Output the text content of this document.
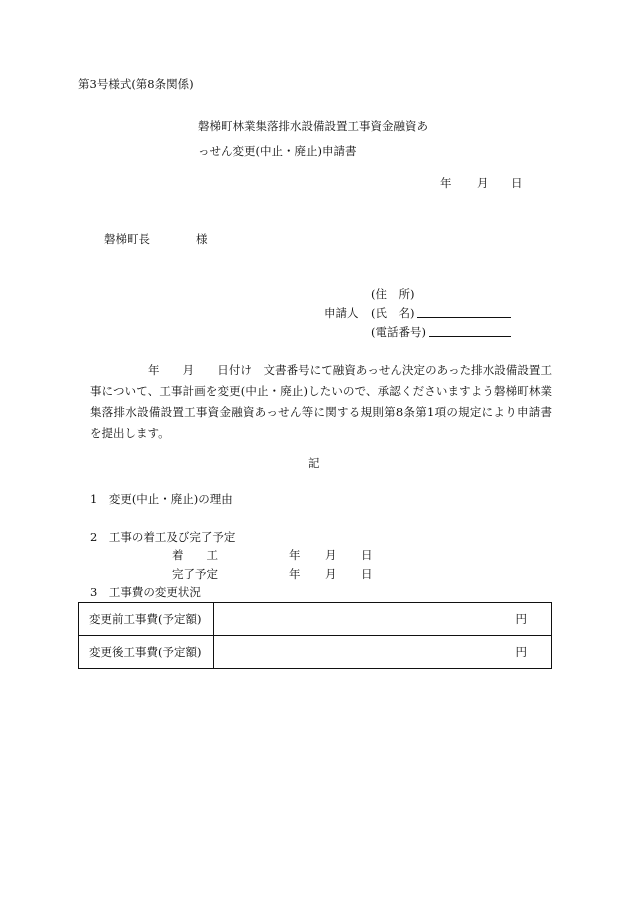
第3号様式(第8条関係)
磐梯町林業集落排水設備設置工事資金融資あ
っせん変更(中止・廃止)申請書
年 月 日
磐梯町長	様
(住　所)
申請人 (氏　名)
(電話番号)
年　　月　　日付け　文書番号にて融資あっせん決定のあった排水設備設置工事について、工事計画を変更(中止・廃止)したいので、承認くださいますよう磐梯町林業集落排水設備設置工事資金融資あっせん等に関する規則第8条第1項の規定により申請書を提出します。
記
1　変更(中止・廃止)の理由
2　工事の着工及び完了予定
着　　工	年 月 日
完了予定	年 月 日
3　工事費の変更状況
変更前工事費(予定額)	円
変更後工事費(予定額)	円
